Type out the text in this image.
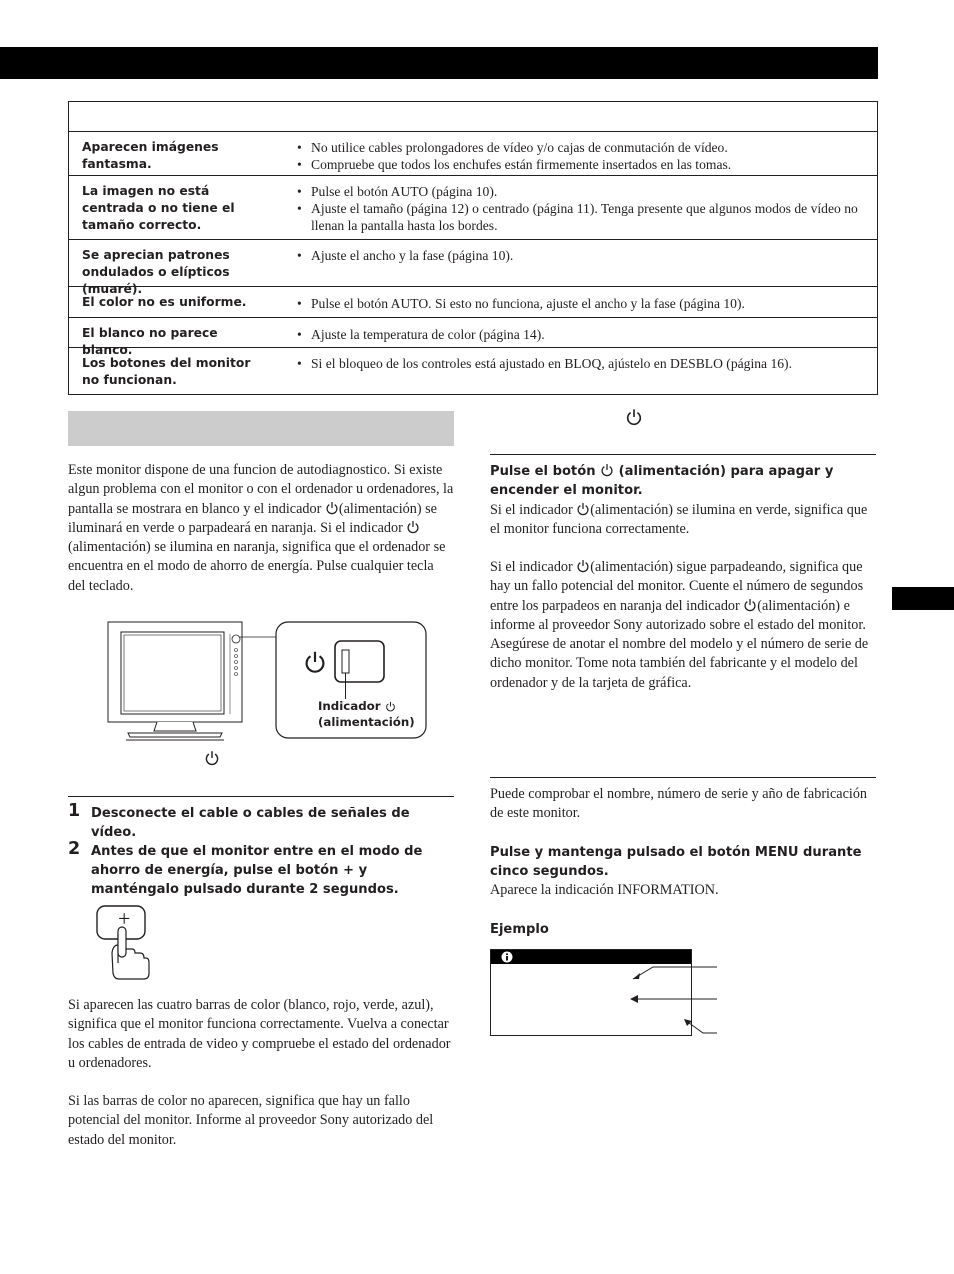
Aparecen imágenes fantasma.
• No utilice cables prolongadores de vídeo y/o cajas de conmutación de vídeo.
• Compruebe que todos los enchufes están firmemente insertados en las tomas.
La imagen no está centrada o no tiene el tamaño correcto.
• Pulse el botón AUTO (página 10).
• Ajuste el tamaño (página 12) o centrado (página 11). Tenga presente que algunos modos de vídeo no llenan la pantalla hasta los bordes.
Se aprecian patrones ondulados o elípticos (muaré).
• Ajuste el ancho y la fase (página 10).
El color no es uniforme.
•	Pulse el botón AUTO. Si esto no funciona, ajuste el ancho y la fase (página 10).
El blanco no parece blanco.
• Ajuste la temperatura de color (página 14).
Los botones del monitor no funcionan.
• Si el bloqueo de los controles está ajustado en BLOQ, ajústelo en DESBLO (página 16).

Este monitor dispone de una funcion de autodiagnostico. Si existe algun problema con el monitor o con el ordenador u ordenadores, la pantalla se mostrara en blanco y el indicador (alimentación) se iluminará en verde o parpadeará en naranja. Si el indicador (alimentación) se ilumina en naranja, significa que el ordenador se encuentra en el modo de ahorro de energía. Pulse cualquier tecla del teclado.

Indicador
(alimentación)
1 Desconecte el cable o cables de señales de vídeo.

2 Antes de que el monitor entre en el modo de ahorro de energía, pulse el botón + y manténgalo pulsado durante 2 segundos.

+

Si aparecen las cuatro barras de color (blanco, rojo, verde, azul), significa que el monitor funciona correctamente. Vuelva a conectar los cables de entrada de video y compruebe el estado del ordenador u ordenadores.

Si las barras de color no aparecen, significa que hay un fallo potencial del monitor. Informe al proveedor Sony autorizado del estado del monitor.

Pulse el botón (alimentación) para apagar y encender el monitor.

Si el indicador (alimentación) se ilumina en verde, significa que el monitor funciona correctamente.

Si el indicador (alimentación) sigue parpadeando, significa que hay un fallo potencial del monitor. Cuente el número de segundos entre los parpadeos en naranja del indicador (alimentación) e informe al proveedor Sony autorizado sobre el estado del monitor. Asegúrese de anotar el nombre del modelo y el número de serie de dicho monitor. Tome nota también del fabricante y el modelo del ordenador y de la tarjeta de gráfica.

Puede comprobar el nombre, número de serie y año de fabricación de este monitor.

Pulse y mantenga pulsado el botón MENU durante cinco segundos.

Aparece la indicación INFORMATION.

Ejemplo
